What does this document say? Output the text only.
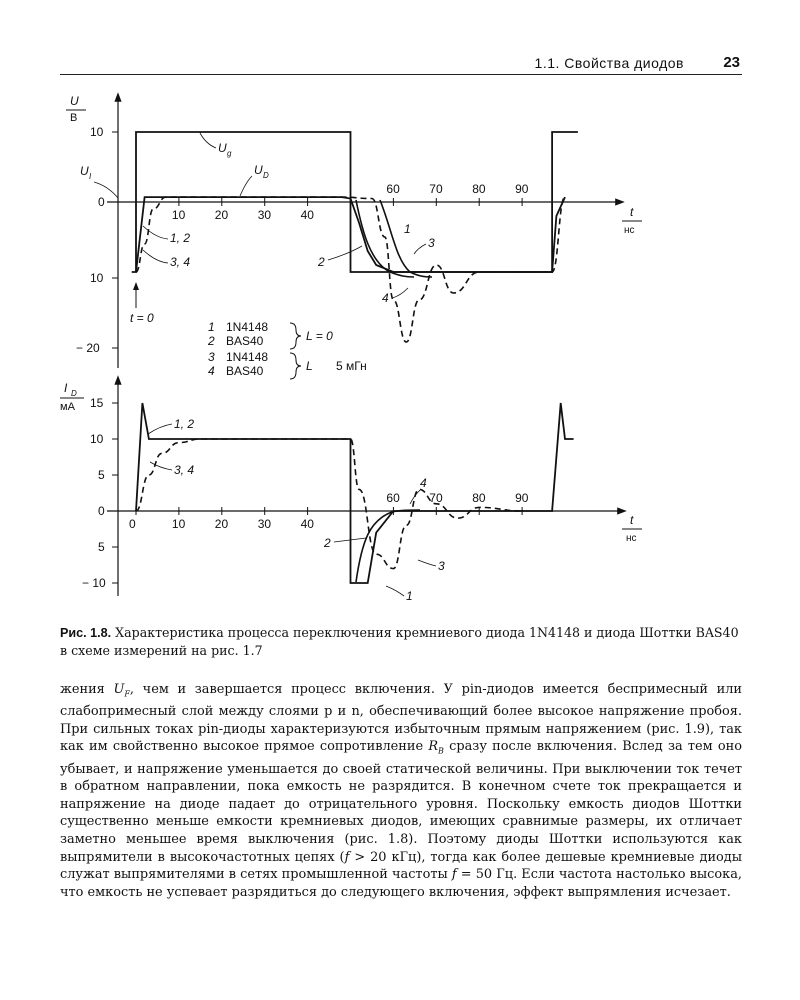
1.1. Свойства диодов	23
10 20 30 40
60 70 80 90
U
В
10
U I
0
10
− 20
t
нс
U g
U D
1, 2
3, 4	2
1
3
4
t = 0
1 1N4148
2 BAS40
3 1N4148
4 BAS40
L = 0
L 5 мГн
0	10 20 30 40
60 70 80 90
I D
мА 15
10
5
0
5
− 10
t
нс
1, 2
3, 4
2
3
4
1
Рис. 1.8. Характеристика процесса переключения кремниевого диода 1N4148 и диода Шоттки BAS40 в схеме измерений на рис. 1.7

жения $U_F$, чем и завершается процесс включения. У pin-диодов имеется беспримесный или слабопримесный слой между слоями p и n, обеспечивающий более высокое напряжение пробоя. При сильных токах pin-диоды характеризуются избыточным прямым напряжением (рис. 1.9), так как им свойственно высокое прямое сопротивление $R_B$ сразу после включения. Вслед за тем оно убывает, и напряжение уменьшается до своей статической величины. При выключении ток течет в обратном направлении, пока емкость не разрядится. В конечном счете ток прекращается и напряжение на диоде падает до отрицательного уровня. Поскольку емкость диодов Шоттки существенно меньше емкости кремниевых диодов, имеющих сравнимые размеры, их отличает заметно меньшее время выключения (рис. 1.8). Поэтому диоды Шоттки используются как выпрямители в высокочастотных цепях (f > 20 кГц), тогда как более дешевые кремниевые диоды служат выпрямителями в сетях промышленной частоты f = 50 Гц. Если частота настолько высока, что емкость не успевает разрядиться до следующего включения, эффект выпрямления исчезает.
